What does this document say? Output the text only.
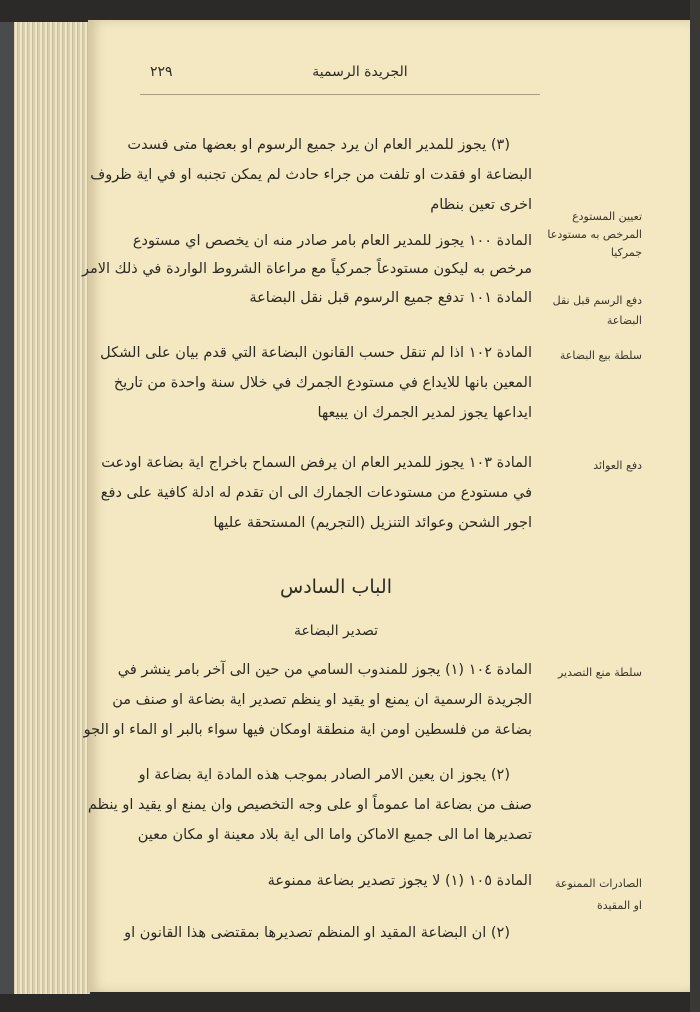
٢٢٩	الجريدة الرسمية
(٣) يجوز للمدير العام ان يرد جميع الرسوم او بعضها متى فسدت
البضاعة او فقدت او تلفت من جراء حادث لم يمكن تجنبه او في اية ظروف
اخرى تعين بنظام
تعيين المستودع
المرخص به مستودعا
جمركيا
المادة ١٠٠ يجوز للمدير العام بامر صادر منه ان يخصص اي مستودع
مرخص به ليكون مستودعاً جمركياً مع مراعاة الشروط الواردة في ذلك الامر
دفع الرسم قبل نقل
البضاعة
المادة ١٠١ تدفع جميع الرسوم قبل نقل البضاعة
سلطة بيع البضاعة
المادة ١٠٢ اذا لم تنقل حسب القانون البضاعة التي قدم بيان على الشكل
المعين بانها للايداع في مستودع الجمرك في خلال سنة واحدة من تاريخ
ايداعها يجوز لمدير الجمرك ان يبيعها
دفع العوائد
المادة ١٠٣ يجوز للمدير العام ان يرفض السماح باخراج اية بضاعة اودعت
في مستودع من مستودعات الجمارك الى ان تقدم له ادلة كافية على دفع
اجور الشحن وعوائد التنزيل (التجريم) المستحقة عليها
الباب السادس
تصدير البضاعة
سلطة منع التصدير
المادة ١٠٤ (١) يجوز للمندوب السامي من حين الى آخر بامر ينشر في
الجريدة الرسمية ان يمنع او يقيد او ينظم تصدير اية بضاعة او صنف من
بضاعة من فلسطين اومن اية منطقة اومكان فيها سواء بالبر او الماء او الجو
(٢) يجوز ان يعين الامر الصادر بموجب هذه المادة اية بضاعة او
صنف من بضاعة اما عموماً او على وجه التخصيص وان يمنع او يقيد او ينظم
تصديرها اما الى جميع الاماكن واما الى اية بلاد معينة او مكان معين
الصادرات الممنوعة
او المقيدة
المادة ١٠٥ (١) لا يجوز تصدير بضاعة ممنوعة
(٢) ان البضاعة المقيد او المنظم تصديرها بمقتضى هذا القانون او
